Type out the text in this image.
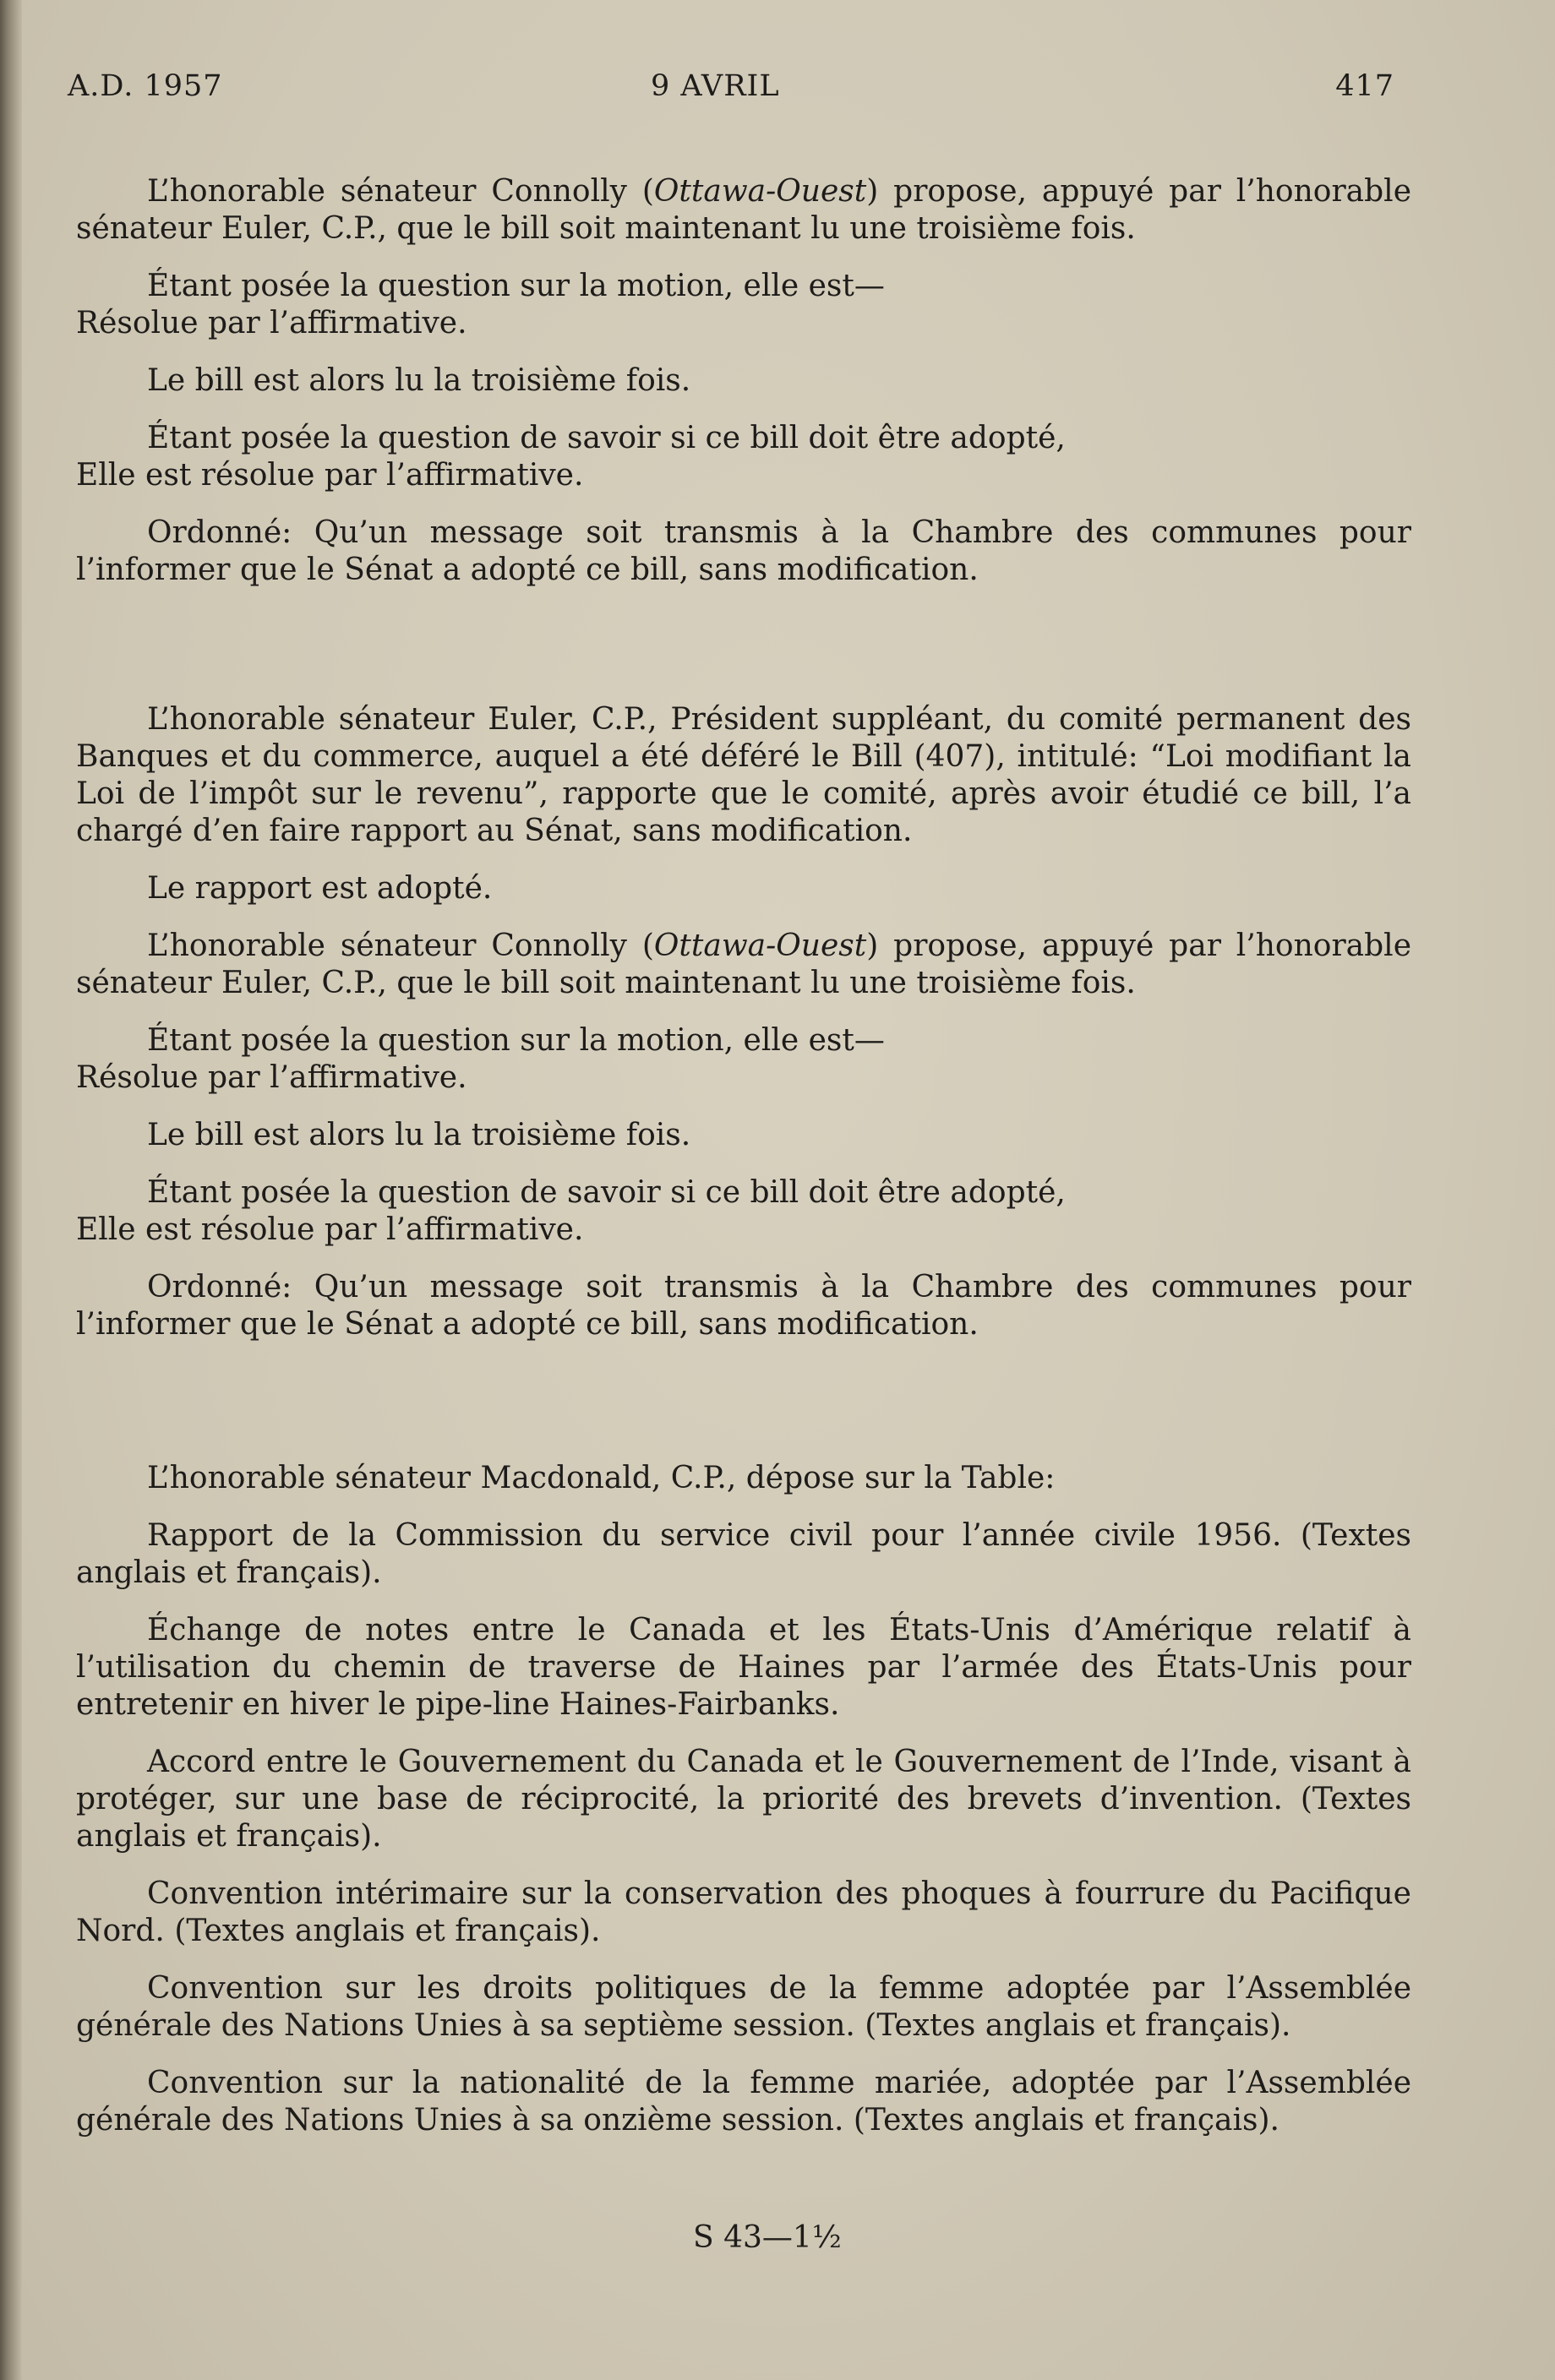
A.D. 1957	9 AVRIL	417

L’honorable sénateur Connolly (Ottawa-Ouest) propose, appuyé par l’honorable sénateur Euler, C.P., que le bill soit maintenant lu une troisième fois.

Étant posée la question sur la motion, elle est—
Résolue par l’affirmative.

Le bill est alors lu la troisième fois.

Étant posée la question de savoir si ce bill doit être adopté,
Elle est résolue par l’affirmative.

Ordonné: Qu’un message soit transmis à la Chambre des communes pour l’informer que le Sénat a adopté ce bill, sans modification.

L’honorable sénateur Euler, C.P., Président suppléant, du comité permanent des Banques et du commerce, auquel a été déféré le Bill (407), intitulé: “Loi modifiant la Loi de l’impôt sur le revenu”, rapporte que le comité, après avoir étudié ce bill, l’a chargé d’en faire rapport au Sénat, sans modification.

Le rapport est adopté.

L’honorable sénateur Connolly (Ottawa-Ouest) propose, appuyé par l’honorable sénateur Euler, C.P., que le bill soit maintenant lu une troisième fois.

Étant posée la question sur la motion, elle est—
Résolue par l’affirmative.

Le bill est alors lu la troisième fois.

Étant posée la question de savoir si ce bill doit être adopté,
Elle est résolue par l’affirmative.

Ordonné: Qu’un message soit transmis à la Chambre des communes pour l’informer que le Sénat a adopté ce bill, sans modification.

L’honorable sénateur Macdonald, C.P., dépose sur la Table:

Rapport de la Commission du service civil pour l’année civile 1956. (Textes anglais et français).

Échange de notes entre le Canada et les États-Unis d’Amérique relatif à l’utilisation du chemin de traverse de Haines par l’armée des États-Unis pour entretenir en hiver le pipe-line Haines-Fairbanks.

Accord entre le Gouvernement du Canada et le Gouvernement de l’Inde, visant à protéger, sur une base de réciprocité, la priorité des brevets d’invention. (Textes anglais et français).

Convention intérimaire sur la conservation des phoques à fourrure du Pacifique Nord. (Textes anglais et français).

Convention sur les droits politiques de la femme adoptée par l’Assemblée générale des Nations Unies à sa septième session. (Textes anglais et français).

Convention sur la nationalité de la femme mariée, adoptée par l’Assemblée générale des Nations Unies à sa onzième session. (Textes anglais et français).

S 43—1½
